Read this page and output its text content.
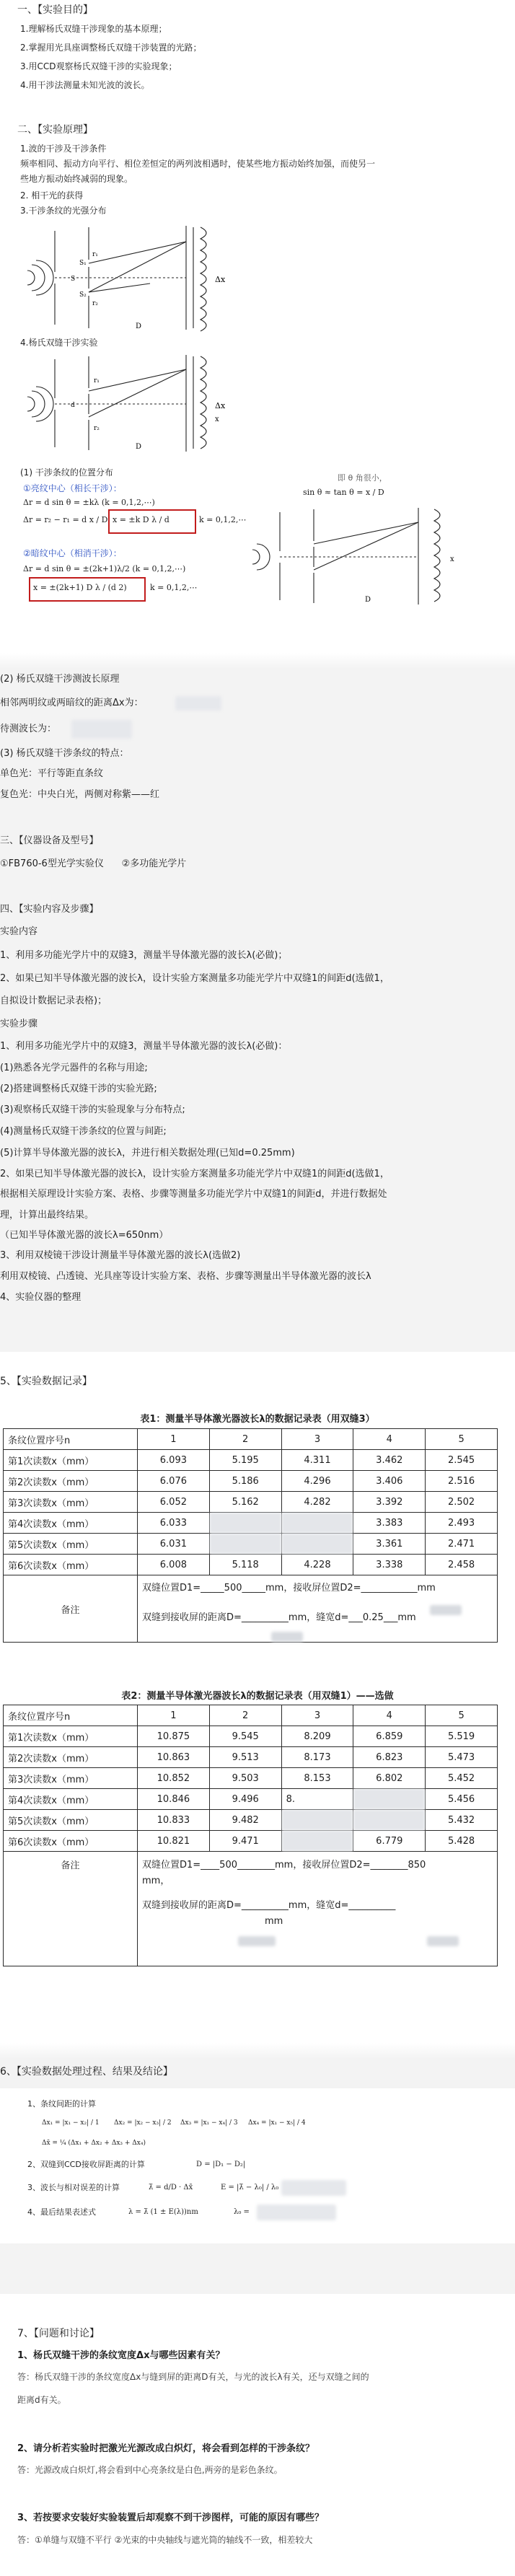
一、【实验目的】
1.理解杨氏双缝干涉现象的基本原理；
2.掌握用光具座调整杨氏双缝干涉装置的光路；
3.用CCD观察杨氏双缝干涉的实验现象；
4.用干涉法测量未知光波的波长。
二、【实验原理】
1.波的干涉及干涉条件
频率相同、振动方向平行、相位差恒定的两列波相遇时，使某些地方振动始终加强，而使另一
些地方振动始终减弱的现象。
2. 相干光的获得
3.干涉条纹的光强分布
Δx
D
r₁
r₂
S
S₁
S₂
4.杨氏双缝干涉实验
Δx
x
D
r₁
r₂
d
(1) 干涉条纹的位置分布
①亮纹中心（相长干涉）：
Δr = d sin θ = ±kλ (k = 0,1,2,⋯)
Δr = r₂ − r₁ = d x / D x = ±k D λ / d	k = 0,1,2,⋯
即 θ 角很小，
sin θ ≈ tan θ = x / D
D
x
②暗纹中心（相消干涉）：
Δr = d sin θ = ±(2k+1)λ/2 (k = 0,1,2,⋯)
x = ±(2k+1) D λ / (d 2)	k = 0,1,2,⋯
(2) 杨氏双缝干涉测波长原理
相邻两明纹或两暗纹的距离Δx为：
待测波长为：
(3) 杨氏双缝干涉条纹的特点：
单色光：平行等距直条纹
复色光：中央白光，两侧对称紫——红
三、【仪器设备及型号】
①FB760-6型光学实验仪      ②多功能光学片
四、【实验内容及步骤】
实验内容
1、利用多功能光学片中的双缝3，测量半导体激光器的波长λ(必做)；
2、如果已知半导体激光器的波长λ，设计实验方案测量多功能光学片中双缝1的间距d(选做1，
自拟设计数据记录表格)；
实验步骤
1、利用多功能光学片中的双缝3，测量半导体激光器的波长λ(必做)：
(1)熟悉各光学元器件的名称与用途;
(2)搭建调整杨氏双缝干涉的实验光路;
(3)观察杨氏双缝干涉的实验现象与分布特点;
(4)测量杨氏双缝干涉条纹的位置与间距;
(5)计算半导体激光器的波长λ，并进行相关数据处理(已知d=0.25mm)
2、如果已知半导体激光器的波长λ，设计实验方案测量多功能光学片中双缝1的间距d(选做1，
根据相关原理设计实验方案、表格、步骤等测量多功能光学片中双缝1的间距d，并进行数据处
理，计算出最终结果。
（已知半导体激光器的波长λ=650nm）
3、利用双棱镜干涉设计测量半导体激光器的波长λ(选做2)
利用双棱镜、凸透镜、光具座等设计实验方案、表格、步骤等测量出半导体激光器的波长λ
4、实验仪器的整理
5、【实验数据记录】
表1：测量半导体激光器波长λ的数据记录表（用双缝3）
条纹位置序号n	1	2	3	4	5
第1次读数x（mm）	6.093	5.195	4.311	3.462	2.545
第2次读数x（mm）	6.076	5.186	4.296	3.406	2.516
第3次读数x（mm）	6.052	5.162	4.282	3.392	2.502
第4次读数x（mm）	6.033			3.383	2.493
第5次读数x（mm）	6.031			3.361	2.471
第6次读数x（mm）	6.008	5.118	4.228	3.338	2.458
备注	双缝位置D1=_____500_____mm，接收屏位置D2=____________mm
双缝到接收屏的距离D=__________mm，缝宽d=___0.25___mm				
表2：测量半导体激光器波长λ的数据记录表（用双缝1）——选做
条纹位置序号n	1	2	3	4	5
第1次读数x（mm）	10.875	9.545	8.209	6.859	5.519
第2次读数x（mm）	10.863	9.513	8.173	6.823	5.473
第3次读数x（mm）	10.852	9.503	8.153	6.802	5.452
第4次读数x（mm）	10.846	9.496	8.		5.456
第5次读数x（mm）	10.833	9.482			5.432
第6次读数x（mm）	10.821	9.471		6.779	5.428
备注	双缝位置D1=____500________mm，接收屏位置D2=________850
mm，
双缝到接收屏的距离D=__________mm，缝宽d=__________
mm				
6、【实验数据处理过程、结果及结论】
1、条纹间距的计算
Δx₁ = |x₁ − x₂| / 1 Δx₂ = |x₂ − x₃| / 2 Δx₃ = |x₁ − x₄| / 3 Δx₄ = |x₁ − x₅| / 4
Δx̄ = ¼ (Δx₁ + Δx₂ + Δx₃ + Δx₄)
2、双缝到CCD接收屏距离的计算	D = |D₁ − D₂|
3、波长与相对误差的计算	λ̄ = d/D · Δx̄	E = |λ̄ − λ₀| / λ₀
4、最后结果表述式	λ = λ̄ (1 ± E(λ))nm	λ₀ =
7、【问题和讨论】
1、杨氏双缝干涉的条纹宽度Δx与哪些因素有关？
答：杨氏双缝干涉的条纹宽度Δx与缝到屏的距离D有关，与光的波长λ有关，还与双缝之间的
距离d有关。
2、请分析若实验时把激光光源改成白炽灯，将会看到怎样的干涉条纹？
答：光源改成白炽灯,将会看到中心亮条纹是白色,两旁的是彩色条纹。
3、若按要求安装好实验装置后却观察不到干涉图样，可能的原因有哪些？
答：①单缝与双缝不平行 ②光束的中央轴线与遮光筒的轴线不一致，相差较大
